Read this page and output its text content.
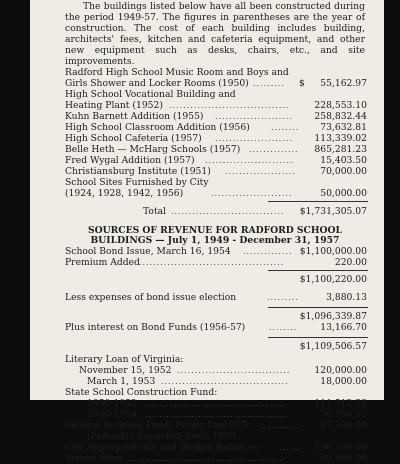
The buildings listed below have all been constructed during the period 1949-57. The figures in parentheses are the year of construction. The cost of each building includes building, architects' fees, kitchen and cafeteria equipment, and other new equipment such as desks, chairs, etc., and site improvements.

Radford High School Music Room and Boys and
Girls Shower and Locker Rooms (1950) .........	$ 55,162.97
High School Vocational Building and
Heating Plant (1952) ..................................	228,553.10
Kuhn Barnett Addition (1955) ......................	258,832.44
High School Classroom Addition (1956)	........	73,632.81
High School Cafeteria (1957) ......................	113,339.02
Belle Heth — McHarg Schools (1957) ..............	865,281.23
Fred Wygal Addition (1957) .........................	15,403.50
Christiansburg Institute (1951) ....................	70,000.00
School Sites Furnished by City
(1924, 1928, 1942, 1956)	.......................	50,000.00
Total ................................	$1,731,305.07
SOURCES OF REVENUE FOR RADFORD SCHOOL
BUILDINGS — July 1, 1949 - December 31, 1957
School Bond Issue, March 16, 1954 .............. $1,100,000.00
Premium Added .........................................	220.00
$1,100,220.00
Less expenses of bond issue election	.........	3,880.13
$1,096,339.87
Plus interest on Bond Funds (1956-57)	........	13,166.70
$1,109,506.57
Literary Loan of Virginia:
November 15, 1952 ................................	120,000.00
March 1, 1953 ....................................	18,000.00
State School Construction Fund:
1950-1952 ........................................	111,512.38
1950-1954 ........................................	76,796.03
Federal Building Fund, Public Law 815 ...........	47,386.00
(Federally Impacted Area) 1955
City Appropriations and Budget Balances	......	198,104.09
School Sites ............................................	50,000.00
